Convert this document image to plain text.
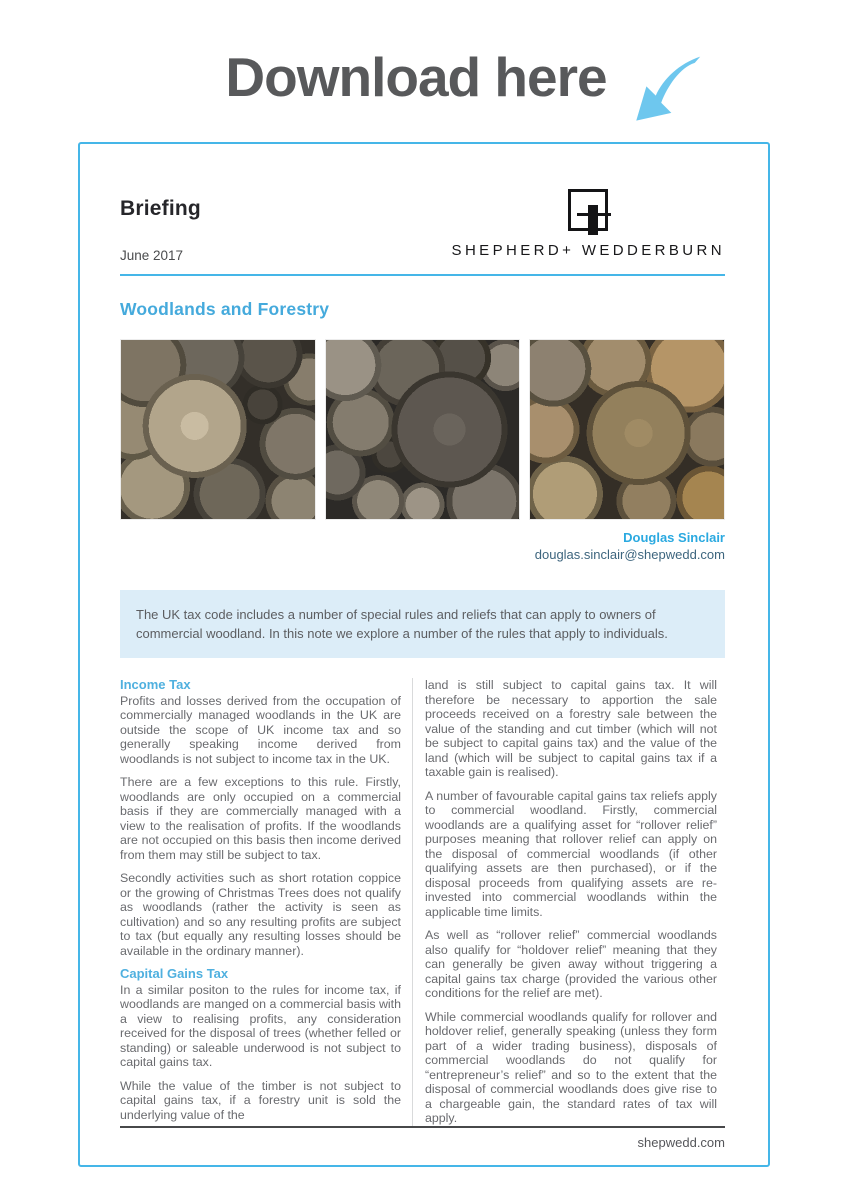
Download here
Briefing
June 2017	SHEPHERD+ WEDDERBURN
Woodlands and Forestry
Douglas Sinclair
douglas.sinclair@shepwedd.com
The UK tax code includes a number of special rules and reliefs that can apply to owners of commercial woodland. In this note we explore a number of the rules that apply to individuals.
Income Tax

Profits and losses derived from the occupation of commercially managed woodlands in the UK are outside the scope of UK income tax and so generally speaking income derived from woodlands is not subject to income tax in the UK.

There are a few exceptions to this rule. Firstly, woodlands are only occupied on a commercial basis if they are commercially managed with a view to the realisation of profits. If the woodlands are not occupied on this basis then income derived from them may still be subject to tax.

Secondly activities such as short rotation coppice or the growing of Christmas Trees does not qualify as woodlands (rather the activity is seen as cultivation) and so any resulting profits are subject to tax (but equally any resulting losses should be available in the ordinary manner).

Capital Gains Tax

In a similar positon to the rules for income tax, if woodlands are manged on a commercial basis with a view to realising profits, any consideration received for the disposal of trees (whether felled or standing) or saleable underwood is not subject to capital gains tax.

While the value of the timber is not subject to capital gains tax, if a forestry unit is sold the underlying value of the

land is still subject to capital gains tax. It will therefore be necessary to apportion the sale proceeds received on a forestry sale between the value of the standing and cut timber (which will not be subject to capital gains tax) and the value of the land (which will be subject to capital gains tax if a taxable gain is realised).

A number of favourable capital gains tax reliefs apply to commercial woodland. Firstly, commercial woodlands are a qualifying asset for “rollover relief” purposes meaning that rollover relief can apply on the disposal of commercial woodlands (if other qualifying assets are then purchased), or if the disposal proceeds from qualifying assets are re-invested into commercial woodlands within the applicable time limits.

As well as “rollover relief” commercial woodlands also qualify for “holdover relief” meaning that they can generally be given away without triggering a capital gains tax charge (provided the various other conditions for the relief are met).

While commercial woodlands qualify for rollover and holdover relief, generally speaking (unless they form part of a wider trading business), disposals of commercial woodlands do not qualify for “entrepreneur’s relief” and so to the extent that the disposal of commercial woodlands does give rise to a chargeable gain, the standard rates of tax will apply.

shepwedd.com
